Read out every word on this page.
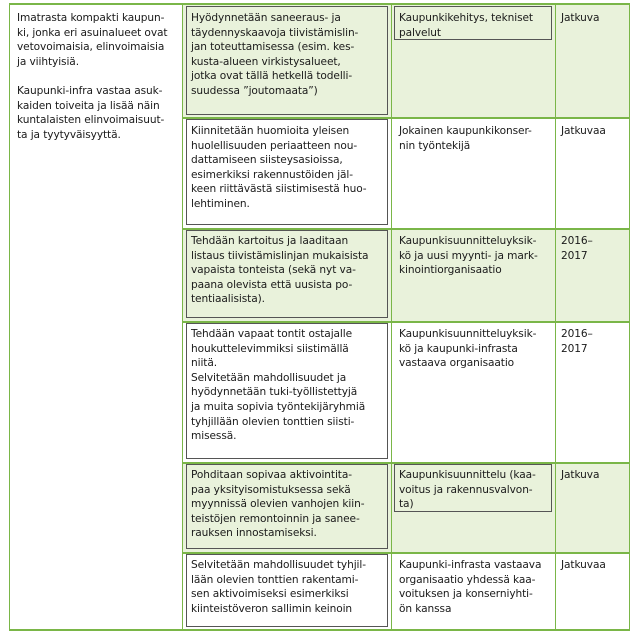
Imatrasta kompakti kaupun-
ki, jonka eri asuinalueet ovat
vetovoimaisia, elinvoimaisia
ja viihtyisiä.
Kaupunki-infra vastaa asuk-
kaiden toiveita ja lisää näin
kuntalaisten elinvoimaisuut-
ta ja tyytyväisyyttä.
Hyödynnetään saneeraus- ja
täydennyskaavoja tiivistämislin-
jan toteuttamisessa (esim. kes-
kusta-alueen virkistysalueet,
jotka ovat tällä hetkellä todelli-
suudessa ”joutomaata”)
Kaupunkikehitys, tekniset
palvelut
Jatkuva
Kiinnitetään huomioita yleisen
huolellisuuden periaatteen nou-
dattamiseen siisteysasioissa,
esimerkiksi rakennustöiden jäl-
keen riittävästä siistimisestä huo-
lehtiminen.
Jokainen kaupunkikonser-
nin työntekijä
Jatkuvaa
Tehdään kartoitus ja laaditaan
listaus tiivistämislinjan mukaisista
vapaista tonteista (sekä nyt va-
paana olevista että uusista po-
tentiaalisista).
Kaupunkisuunnitteluyksik-
kö ja uusi myynti- ja mark-
kinointiorganisaatio
2016–
2017
Tehdään vapaat tontit ostajalle
houkuttelevimmiksi siistimällä
niitä.
Selvitetään mahdollisuudet ja
hyödynnetään tuki-työllistettyjä
ja muita sopivia työntekijäryhmiä
tyhjillään olevien tonttien siisti-
misessä.
Kaupunkisuunnitteluyksik-
kö ja kaupunki-infrasta
vastaava organisaatio
2016–
2017
Pohditaan sopivaa aktivointita-
paa yksityisomistuksessa sekä
myynnissä olevien vanhojen kiin-
teistöjen remontoinnin ja sanee-
rauksen innostamiseksi.
Kaupunkisuunnittelu (kaa-
voitus ja rakennusvalvon-
ta)
Jatkuva
Selvitetään mahdollisuudet tyhjil-
lään olevien tonttien rakentami-
sen aktivoimiseksi esimerkiksi
kiinteistöveron sallimin keinoin
Kaupunki-infrasta vastaava
organisaatio yhdessä kaa-
voituksen ja konserniyhti-
ön kanssa
Jatkuvaa
